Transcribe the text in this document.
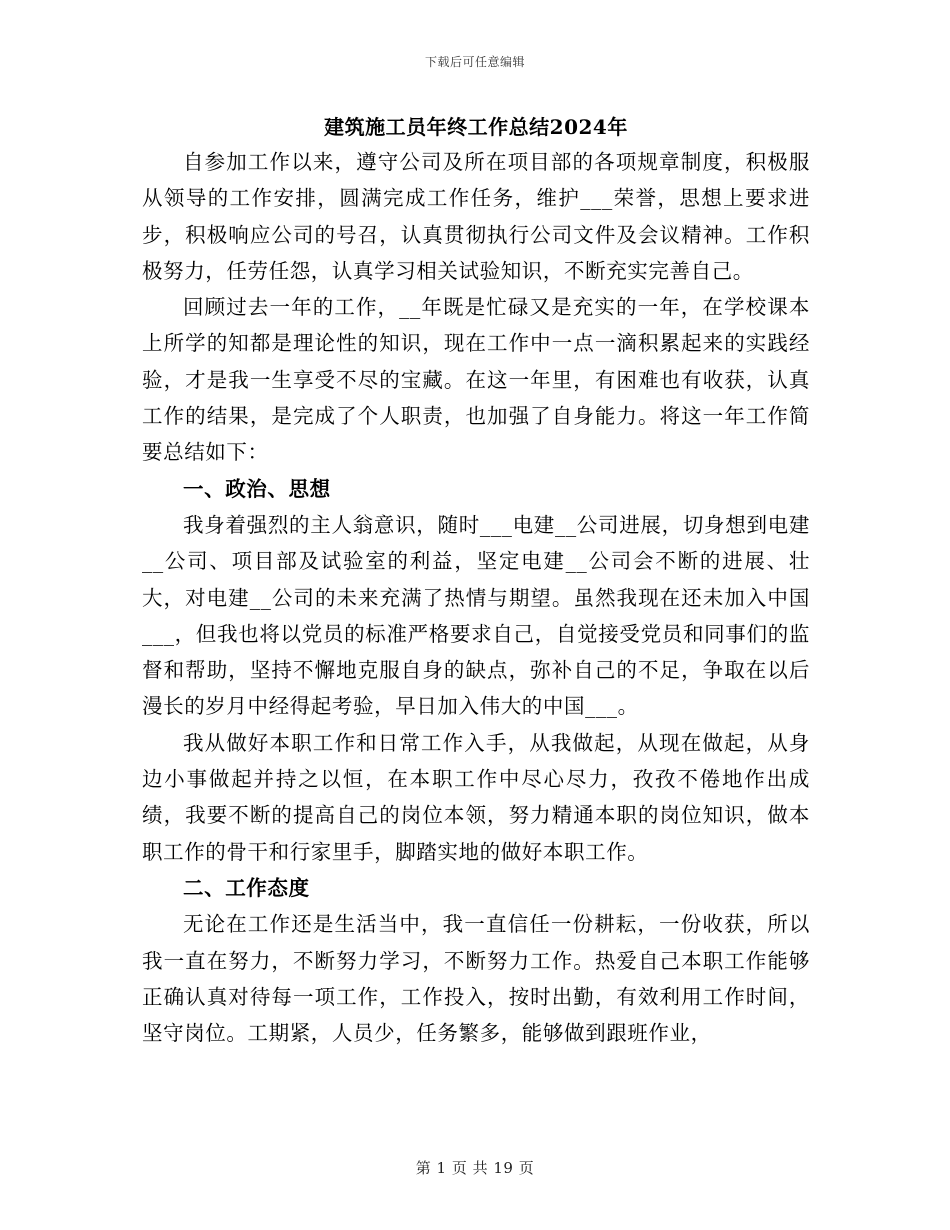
下载后可任意编辑
建筑施工员年终工作总结2024年

自参加工作以来，遵守公司及所在项目部的各项规章制度，积极服从领导的工作安排，圆满完成工作任务，维护___荣誉，思想上要求进步，积极响应公司的号召，认真贯彻执行公司文件及会议精神。工作积极努力，任劳任怨，认真学习相关试验知识，不断充实完善自己。

回顾过去一年的工作，__年既是忙碌又是充实的一年，在学校课本上所学的知都是理论性的知识，现在工作中一点一滴积累起来的实践经验，才是我一生享受不尽的宝藏。在这一年里，有困难也有收获，认真工作的结果，是完成了个人职责，也加强了自身能力。将这一年工作简要总结如下：

一、政治、思想

我身着强烈的主人翁意识，随时___电建__公司进展，切身想到电建__公司、项目部及试验室的利益，坚定电建__公司会不断的进展、壮大，对电建__公司的未来充满了热情与期望。虽然我现在还未加入中国___，但我也将以党员的标准严格要求自己，自觉接受党员和同事们的监督和帮助，坚持不懈地克服自身的缺点，弥补自己的不足，争取在以后漫长的岁月中经得起考验，早日加入伟大的中国___。

我从做好本职工作和日常工作入手，从我做起，从现在做起，从身边小事做起并持之以恒，在本职工作中尽心尽力，孜孜不倦地作出成绩，我要不断的提高自己的岗位本领，努力精通本职的岗位知识，做本职工作的骨干和行家里手，脚踏实地的做好本职工作。

二、工作态度

无论在工作还是生活当中，我一直信任一份耕耘，一份收获，所以我一直在努力，不断努力学习，不断努力工作。热爱自己本职工作能够正确认真对待每一项工作，工作投入，按时出勤，有效利用工作时间，坚守岗位。工期紧，人员少，任务繁多，能够做到跟班作业，

第 1 页 共 19 页
